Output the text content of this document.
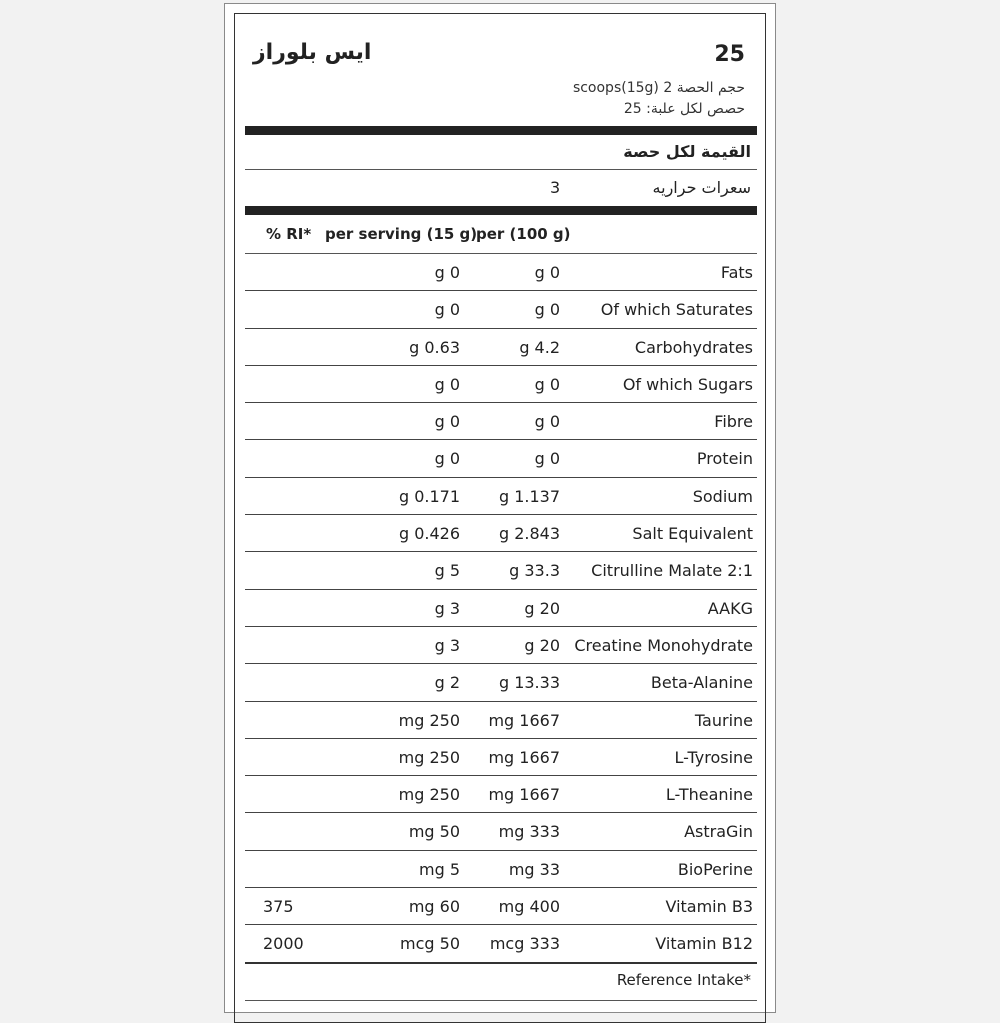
25
ايس بلوراز
حجم الحصة 2 scoops(15g)
حصص لكل علبة: 25
القيمة لكل حصة
سعرات حراريه
3
per (100 g)
per serving (15 g)
% RI*
Fats
g 0
g 0
Of which Saturates
g 0
g 0
Carbohydrates
g 4.2
g 0.63
Of which Sugars
g 0
g 0
Fibre
g 0
g 0
Protein
g 0
g 0
Sodium
g 1.137
g 0.171
Salt Equivalent
g 2.843
g 0.426
Citrulline Malate 2:1
g 33.3
g 5
AAKG
g 20
g 3
Creatine Monohydrate
g 20
g 3
Beta-Alanine
g 13.33
g 2
Taurine
mg 1667
mg 250
L-Tyrosine
mg 1667
mg 250
L-Theanine
mg 1667
mg 250
AstraGin
mg 333
mg 50
BioPerine
mg 33
mg 5
Vitamin B3
mg 400
mg 60
375
Vitamin B12
mcg 333
mcg 50
2000
Reference Intake*
